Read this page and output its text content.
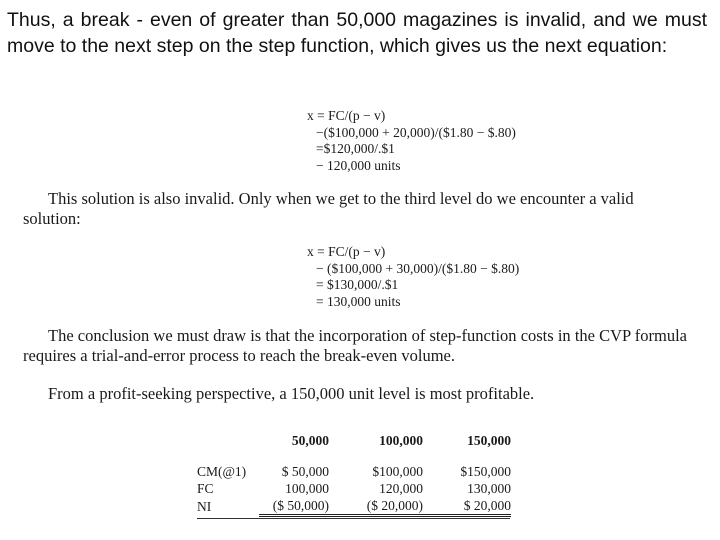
Thus, a break - even of greater than 50,000 magazines is invalid, and we must move to the next step on the step function, which gives us the next equation:

x = FC/(p − v)
−($100,000 + 20,000)/($1.80 − $.80)
=$120,000/.$1
− 120,000 units

This solution is also invalid. Only when we get to the third level do we encounter a valid solution:

x = FC/(p − v)
− ($100,000 + 30,000)/($1.80 − $.80)
= $130,000/.$1
= 130,000 units

The conclusion we must draw is that the incorporation of step-function costs in the CVP formula requires a trial-and-error process to reach the break-even volume.

From a profit-seeking perspective, a 150,000 unit level is most profitable.

	50,000	100,000	150,000
CM(@1)	$ 50,000	$100,000	$150,000
FC	100,000	120,000	130,000
NI	($ 50,000)	($ 20,000)	$ 20,000
